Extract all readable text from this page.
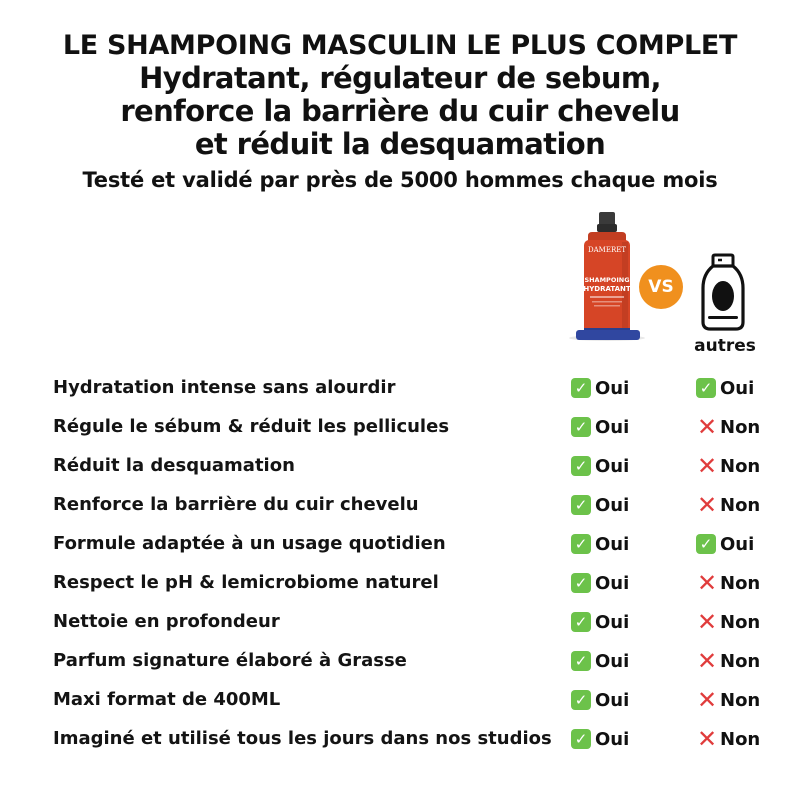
LE SHAMPOING MASCULIN LE PLUS COMPLET
Hydratant, régulateur de sebum,
renforce la barrière du cuir chevelu
et réduit la desquamation
Testé et validé par près de 5000 hommes chaque mois
DAMERET
SHAMPOING
HYDRATANT	VS
autres
Hydratation intense sans alourdir	✓ Oui	✓ Oui
Régule le sébum & réduit les pellicules	✓ Oui	✕ Non
Réduit la desquamation	✓ Oui	✕ Non
Renforce la barrière du cuir chevelu	✓ Oui	✕ Non
Formule adaptée à un usage quotidien	✓ Oui	✓ Oui
Respect le pH & lemicrobiome naturel	✓ Oui	✕ Non
Nettoie en profondeur	✓ Oui	✕ Non
Parfum signature élaboré à Grasse	✓ Oui	✕ Non
Maxi format de 400ML	✓ Oui	✕ Non
Imaginé et utilisé tous les jours dans nos studios ✓ Oui	✕ Non
